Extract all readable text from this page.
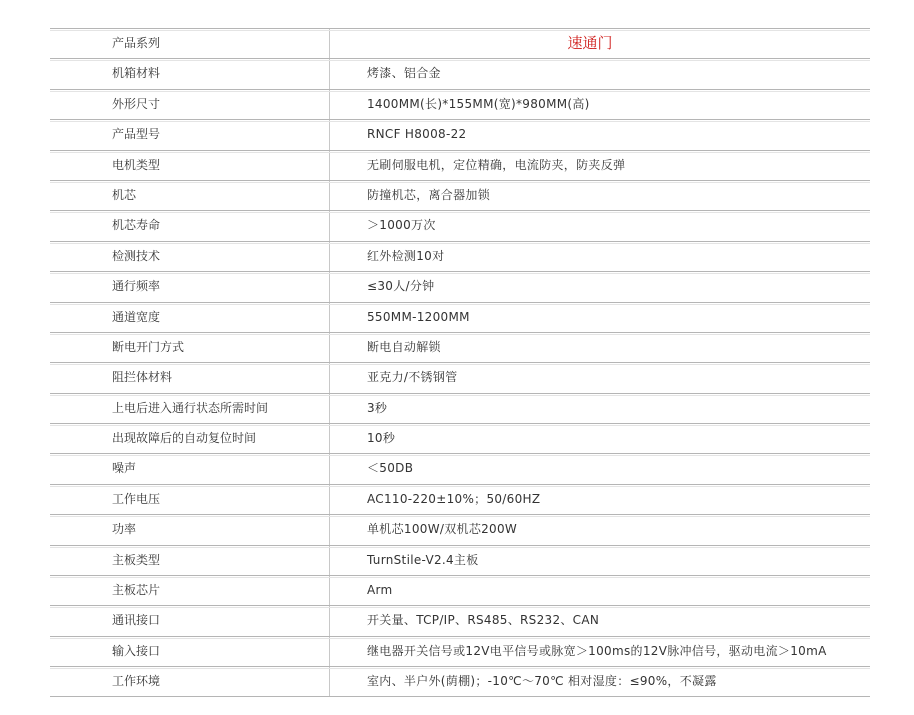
产品系列	速通门
机箱材料	烤漆、铝合金
外形尺寸	1400MM(长)*155MM(宽)*980MM(高)
产品型号	RNCF H8008-22
电机类型	无刷伺服电机，定位精确，电流防夹，防夹反弹
机芯	防撞机芯，离合器加锁
机芯寿命	＞1000万次
检测技术	红外检测10对
通行频率	≤30人/分钟
通道宽度	550MM-1200MM
断电开门方式	断电自动解锁
阻拦体材料	亚克力/不锈钢管
上电后进入通行状态所需时间	3秒
出现故障后的自动复位时间	10秒
噪声	＜50DB
工作电压	AC110-220±10%；50/60HZ
功率	单机芯100W/双机芯200W
主板类型	TurnStile-V2.4主板
主板芯片	Arm
通讯接口	开关量、TCP/IP、RS485、RS232、CAN
输入接口	继电器开关信号或12V电平信号或脉宽＞100ms的12V脉冲信号，驱动电流＞10mA
工作环境	室内、半户外(荫棚)；-10℃～70℃ 相对湿度：≤90%，不凝露
